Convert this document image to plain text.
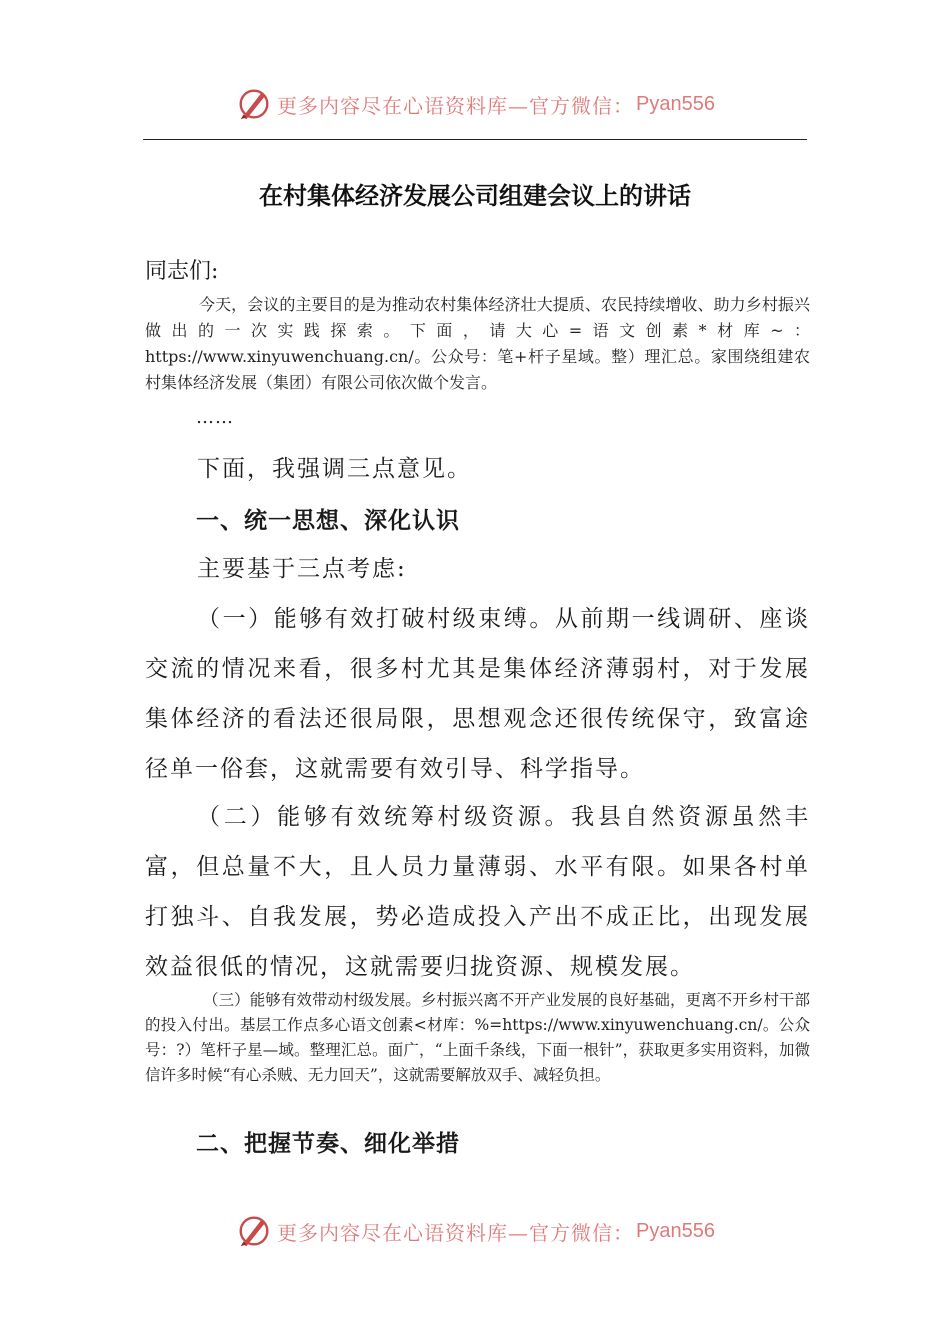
更多内容尽在心语资料库—官方微信： Pyan556
在村集体经济发展公司组建会议上的讲话

同志们:

今天，会议的主要目的是为推动农村集体经济壮大提质、农民持续增收、助力乡村振兴做出的一次实践探索。下面，请大心=语文创素*材库~：https://www.xinyuwenchuang.cn/。公众号：笔+杆子星域。整）理汇总。家围绕组建农村集体经济发展（集团）有限公司依次做个发言。

……

下面，我强调三点意见。

一、统一思想、深化认识

主要基于三点考虑:

（一）能够有效打破村级束缚。从前期一线调研、座谈交流的情况来看，很多村尤其是集体经济薄弱村，对于发展集体经济的看法还很局限，思想观念还很传统保守，致富途径单一俗套，这就需要有效引导、科学指导。

（二）能够有效统筹村级资源。我县自然资源虽然丰富，但总量不大，且人员力量薄弱、水平有限。如果各村单打独斗、自我发展，势必造成投入产出不成正比，出现发展效益很低的情况，这就需要归拢资源、规模发展。

（三）能够有效带动村级发展。乡村振兴离不开产业发展的良好基础，更离不开乡村干部的投入付出。基层工作点多心语文创素<材库：%=https://www.xinyuwenchuang.cn/。公众号：?）笔杆子星—域。整理汇总。面广，“上面千条线，下面一根针”，获取更多实用资料，加微信许多时候“有心杀贼、无力回天”，这就需要解放双手、减轻负担。

二、把握节奏、细化举措

更多内容尽在心语资料库—官方微信： Pyan556
